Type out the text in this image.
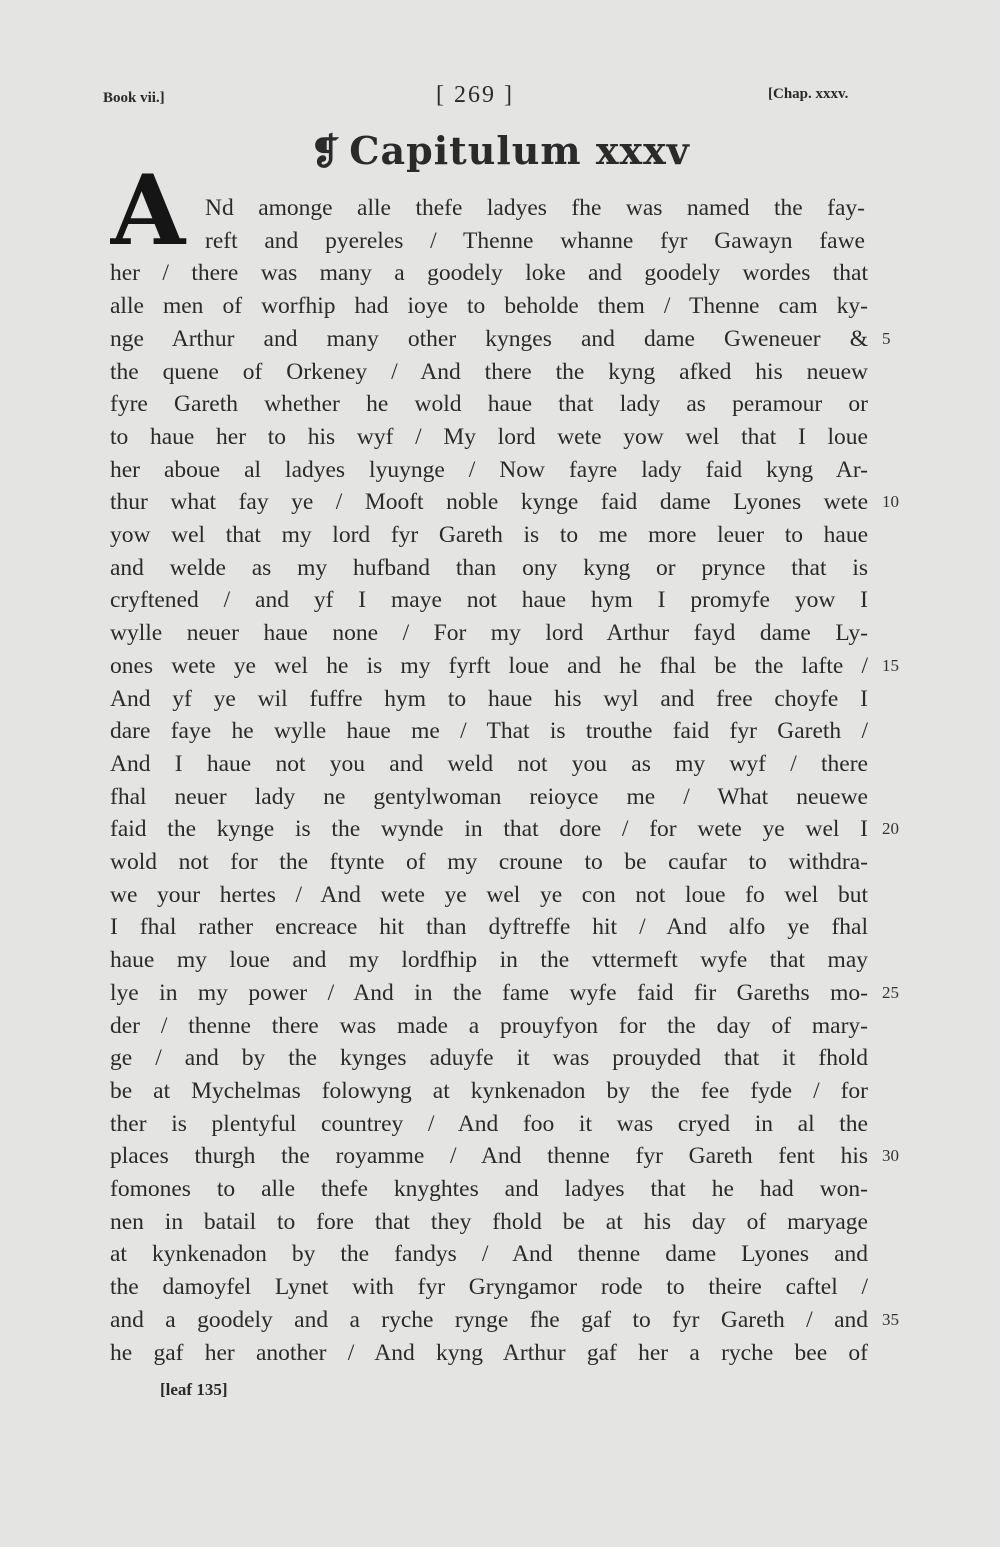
Book vii.]	[ 269 ]	[Chap. xxxv.
❡ Capitulum xxxv
A Nd amonge alle thefe ladyes fhe was named the fay-
reft and pyereles / Thenne whanne fyr Gawayn fawe
her / there was many a goodely loke and goodely wordes that
alle men of worfhip had ioye to beholde them / Thenne cam ky-
nge Arthur and many other kynges and dame Gweneuer &
the quene of Orkeney / And there the kyng afked his neuew
fyre Gareth whether he wold haue that lady as peramour or
to haue her to his wyf / My lord wete yow wel that I loue
her aboue al ladyes lyuynge / Now fayre lady faid kyng Ar-
thur what fay ye / Mooft noble kynge faid dame Lyones wete
yow wel that my lord fyr Gareth is to me more leuer to haue
and welde as my hufband than ony kyng or prynce that is
cryftened / and yf I maye not haue hym I promyfe yow I
wylle neuer haue none / For my lord Arthur fayd dame Ly-
ones wete ye wel he is my fyrft loue and he fhal be the lafte /
And yf ye wil fuffre hym to haue his wyl and free choyfe I
dare faye he wylle haue me / That is trouthe faid fyr Gareth /
And I haue not you and weld not you as my wyf / there
fhal neuer lady ne gentylwoman reioyce me / What neuewe
faid the kynge is the wynde in that dore / for wete ye wel I
wold not for the ftynte of my croune to be caufar to withdra-
we your hertes / And wete ye wel ye con not loue fo wel but
I fhal rather encreace hit than dyftreffe hit / And alfo ye fhal
haue my loue and my lordfhip in the vttermeft wyfe that may
lye in my power / And in the fame wyfe faid fir Gareths mo-
der / thenne there was made a prouyfyon for the day of mary-
ge / and by the kynges aduyfe it was prouyded that it fhold
be at Mychelmas folowyng at kynkenadon by the fee fyde / for
ther is plentyful countrey / And foo it was cryed in al the
places thurgh the royamme / And thenne fyr Gareth fent his
fomones to alle thefe knyghtes and ladyes that he had won-
nen in batail to fore that they fhold be at his day of maryage
at kynkenadon by the fandys / And thenne dame Lyones and
the damoyfel Lynet with fyr Gryngamor rode to theire caftel /
and a goodely and a ryche rynge fhe gaf to fyr Gareth / and
he gaf her another / And kyng Arthur gaf her a ryche bee of
5
10
15
20
25
30
35
[leaf 135]
